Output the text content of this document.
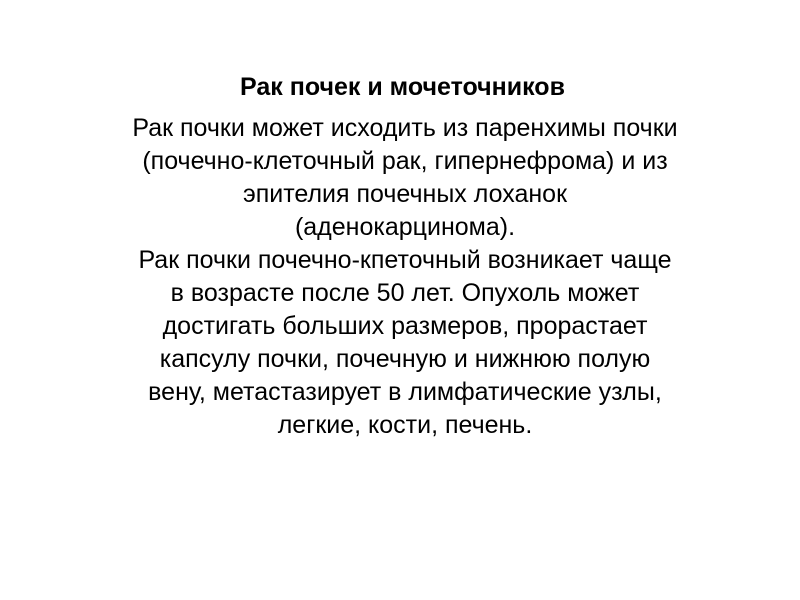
Рак почек и мочеточников

Рак почки может исходить из паренхимы почки
(почечно-клеточный рак, гипернефрома) и из
эпителия почечных лоханок
(аденокарцинома).

Рак почки почечно-кпеточный возникает чаще
в возрасте после 50 лет. Опухоль может
достигать больших размеров, прорастает
капсулу почки, почечную и нижнюю полую
вену, метастазирует в лимфатические узлы,
легкие, кости, печень.
